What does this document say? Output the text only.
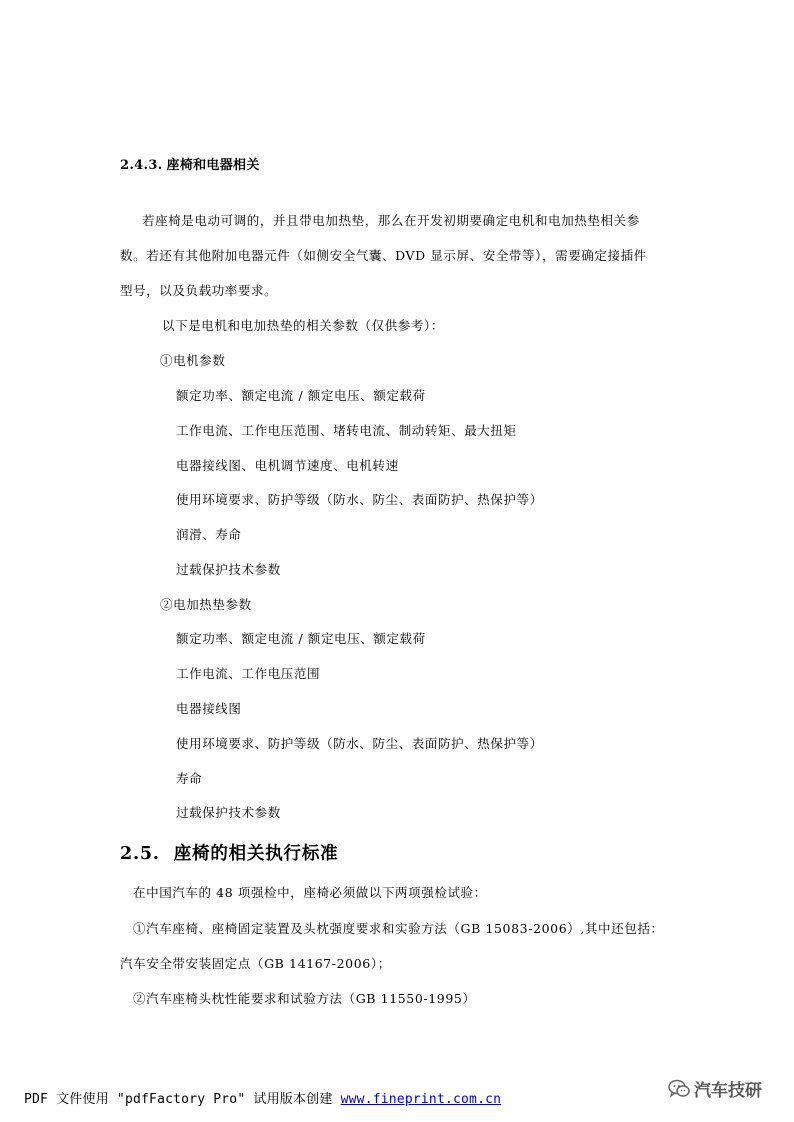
2.4.3. 座椅和电器相关
若座椅是电动可调的，并且带电加热垫，那么在开发初期要确定电机和电加热垫相关参
数。若还有其他附加电器元件（如侧安全气囊、DVD 显示屏、安全带等），需要确定接插件
型号，以及负载功率要求。
以下是电机和电加热垫的相关参数（仅供参考）：
①电机参数
额定功率、额定电流 / 额定电压、额定载荷
工作电流、工作电压范围、堵转电流、制动转矩、最大扭矩
电器接线图、电机调节速度、电机转速
使用环境要求、防护等级（防水、防尘、表面防护、热保护等）
润滑、寿命
过载保护技术参数
②电加热垫参数
额定功率、额定电流 / 额定电压、额定载荷
工作电流、工作电压范围
电器接线图
使用环境要求、防护等级（防水、防尘、表面防护、热保护等）
寿命
过载保护技术参数
2.5. 座椅的相关执行标准
在中国汽车的 48 项强检中，座椅必须做以下两项强检试验：
①汽车座椅、座椅固定装置及头枕强度要求和实验方法（GB 15083-2006）,其中还包括：
汽车安全带安装固定点（GB 14167-2006）；
②汽车座椅头枕性能要求和试验方法（GB 11550-1995）
PDF 文件使用 "pdfFactory Pro" 试用版本创建 www.fineprint.com.cn	汽车技研
